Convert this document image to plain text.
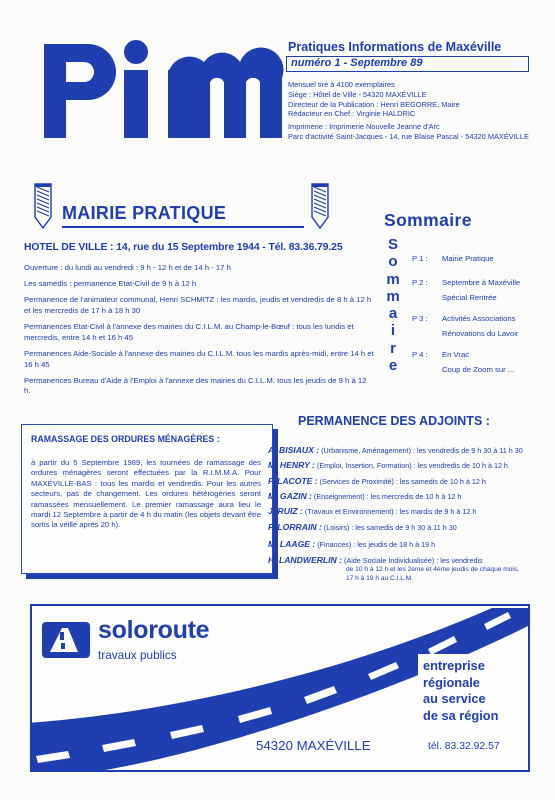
Pratiques Informations de Maxéville
numéro 1 - Septembre 89
Mensuel tiré à 4100 exemplaires
Siège : Hôtel de Ville - 54320 MAXÉVILLE
Directeur de la Publication : Henri BEGORRE, Maire
Rédacteur en Chef : Virginie HALDRIC
Imprimerie : Imprimerie Nouvelle Jeanne d'Arc
Parc d'activité Saint-Jacques - 14, rue Blaise Pascal - 54320 MAXÉVILLE
MAIRIE PRATIQUE
HOTEL DE VILLE : 14, rue du 15 Septembre 1944 - Tél. 83.36.79.25

Ouverture : du lundi au vendredi : 9 h - 12 h et de 14 h - 17 h

Les samedis : permanence Etat-Civil de 9 h à 12 h

Permanence de l'animateur communal, Henri SCHMITZ : les mardis, jeudis et vendredis de 8 h à 12 h et les mercredis de 17 h à 18 h 30

Permanences Etat-Civil à l'annexe des mairies du C.I.L.M. au Champ-le-Bœuf : tous les lundis et mercredis, entre 14 h et 16 h 45

Permanences Aide-Sociale à l'annexe des mairies du C.I.L.M. tous les mardis après-midi, entre 14 h et 16 h 45

Permanences Bureau d'Aide à l'Emploi à l'annexe des mairies du C.I.L.M. tous les jeudis de 9 h à 12 h.

Sommaire
S
o
m
m
a
i
r
e
P 1 : Mairie Pratique
P 2 : Septembre à Maxéville
Spécial Rentrée
P 3 : Activités Associations
Rénovations du Lavoir
P 4 : En Vrac
Coup de Zoom sur ...
RAMASSAGE DES ORDURES MÉNAGÈRES :
à partir du 5 Septembre 1989, les tournées de ramassage des ordures ménagères seront effectuées par la R.I.M.M.A. Pour MAXÉVILLE-BAS : tous les mardis et vendredis. Pour les autres secteurs, pas de changement. Les ordures hétérogènes seront ramassées mensuellement. Le premier ramassage aura lieu le mardi 12 Septembre à partir de 4 h du matin (les objets devant être sortis la veille après 20 h).
PERMANENCE DES ADJOINTS :
A. BISIAUX : (Urbanisme, Aménagement) : les vendredis de 9 h 30 à 11 h 30
M. HENRY : (Emploi, Insertion, Formation) : les vendredis de 10 h à 12 h
F. LACOTE : (Services de Proximité) : les samedis de 10 h à 12 h
M. GAZIN : (Enseignement) : les mercredis de 10 h à 12 h
J. RUIZ : (Travaux et Environnement) : les mardis de 9 h à 12 h
P. LORRAIN : (Loisirs) : les samedis de 9 h 30 à 11 h 30
M. LAAGE : (Finances) : les jeudis de 18 h à 19 h
H. LANDWERLIN : (Aide Sociale Individualisée) : les vendredis
de 10 h à 12 h et les 2ème et 4ème jeudis de chaque mois,
17 h à 19 h au C.I.L.M.
soloroute
travaux publics
entreprise
régionale
au service
de sa région
54320 MAXÉVILLE	tél. 83.32.92.57
